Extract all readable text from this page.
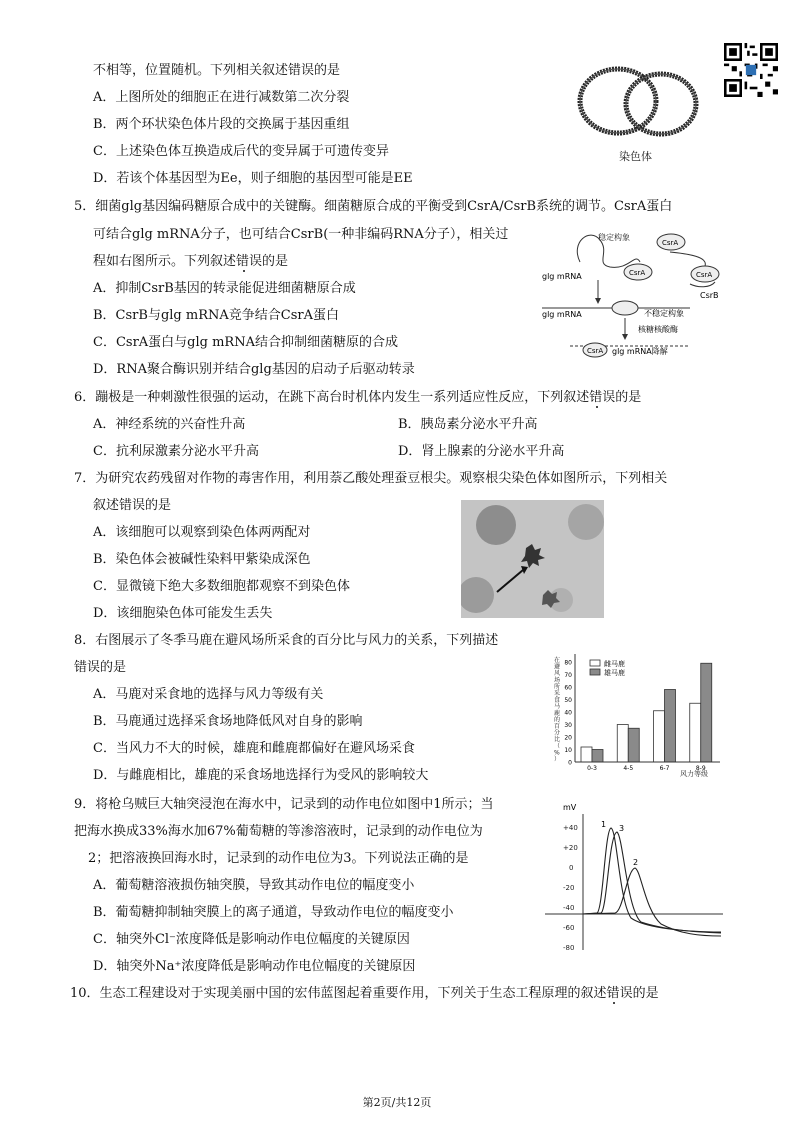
不相等，位置随机。下列相关叙述错误的是
A．上图所处的细胞正在进行减数第二次分裂
B．两个环状染色体片段的交换属于基因重组
C．上述染色体互换造成后代的变异属于可遗传变异
D．若该个体基因型为Ee，则子细胞的基因型可能是EE
染色体
5．细菌glg基因编码糖原合成中的关键酶。细菌糖原合成的平衡受到CsrA/CsrB系统的调节。CsrA蛋白
可结合glg mRNA分子，也可结合CsrB(一种非编码RNA分子），相关过
程如右图所示。下列叙述错误的是
A．抑制CsrB基因的转录能促进细菌糖原合成
B．CsrB与glg mRNA竞争结合CsrA蛋白
C．CsrA蛋白与glg mRNA结合抑制细菌糖原的合成
D．RNA聚合酶识别并结合glg基因的启动子后驱动转录
稳定构象
CsrA
CsrA	CsrA
CsrB
glg mRNA
glg mRNA	不稳定构象
核糖核酸酶
CsrA glg mRNA降解
6．蹦极是一种刺激性很强的运动，在跳下高台时机体内发生一系列适应性反应，下列叙述错误的是
A．神经系统的兴奋性升高	B．胰岛素分泌水平升高
C．抗利尿激素分泌水平升高	D．肾上腺素的分泌水平升高
7．为研究农药残留对作物的毒害作用，利用萘乙酸处理蚕豆根尖。观察根尖染色体如图所示，下列相关
叙述错误的是
A．该细胞可以观察到染色体两两配对
B．染色体会被碱性染料甲紫染成深色
C．显微镜下绝大多数细胞都观察不到染色体
D．该细胞染色体可能发生丢失
8．右图展示了冬季马鹿在避风场所采食的百分比与风力的关系，下列描述
错误的是
A．马鹿对采食地的选择与风力等级有关
B．马鹿通过选择采食场地降低风对自身的影响
C．当风力不大的时候，雄鹿和雌鹿都偏好在避风场采食
D．与雌鹿相比，雄鹿的采食场地选择行为受风的影响较大
在避风场所采食马鹿的百分比（%） 0
10
20
30
40
50
60
70
80
0-3	4-5	6-7	8-9
雌马鹿
雄马鹿
风力等级
9．将枪乌贼巨大轴突浸泡在海水中，记录到的动作电位如图中1所示；当
把海水换成33%海水加67%葡萄糖的等渗溶液时，记录到的动作电位为
2；把溶液换回海水时，记录到的动作电位为3。下列说法正确的是
A．葡萄糖溶液损伤轴突膜，导致其动作电位的幅度变小
B．葡萄糖抑制轴突膜上的离子通道，导致动作电位的幅度变小
C．轴突外Cl⁻浓度降低是影响动作电位幅度的关键原因
D．轴突外Na⁺浓度降低是影响动作电位幅度的关键原因
mV
+40
+20
0
-20
-40
-60
-80
1 3
2
10．生态工程建设对于实现美丽中国的宏伟蓝图起着重要作用，下列关于生态工程原理的叙述错误的是
第2页/共12页
